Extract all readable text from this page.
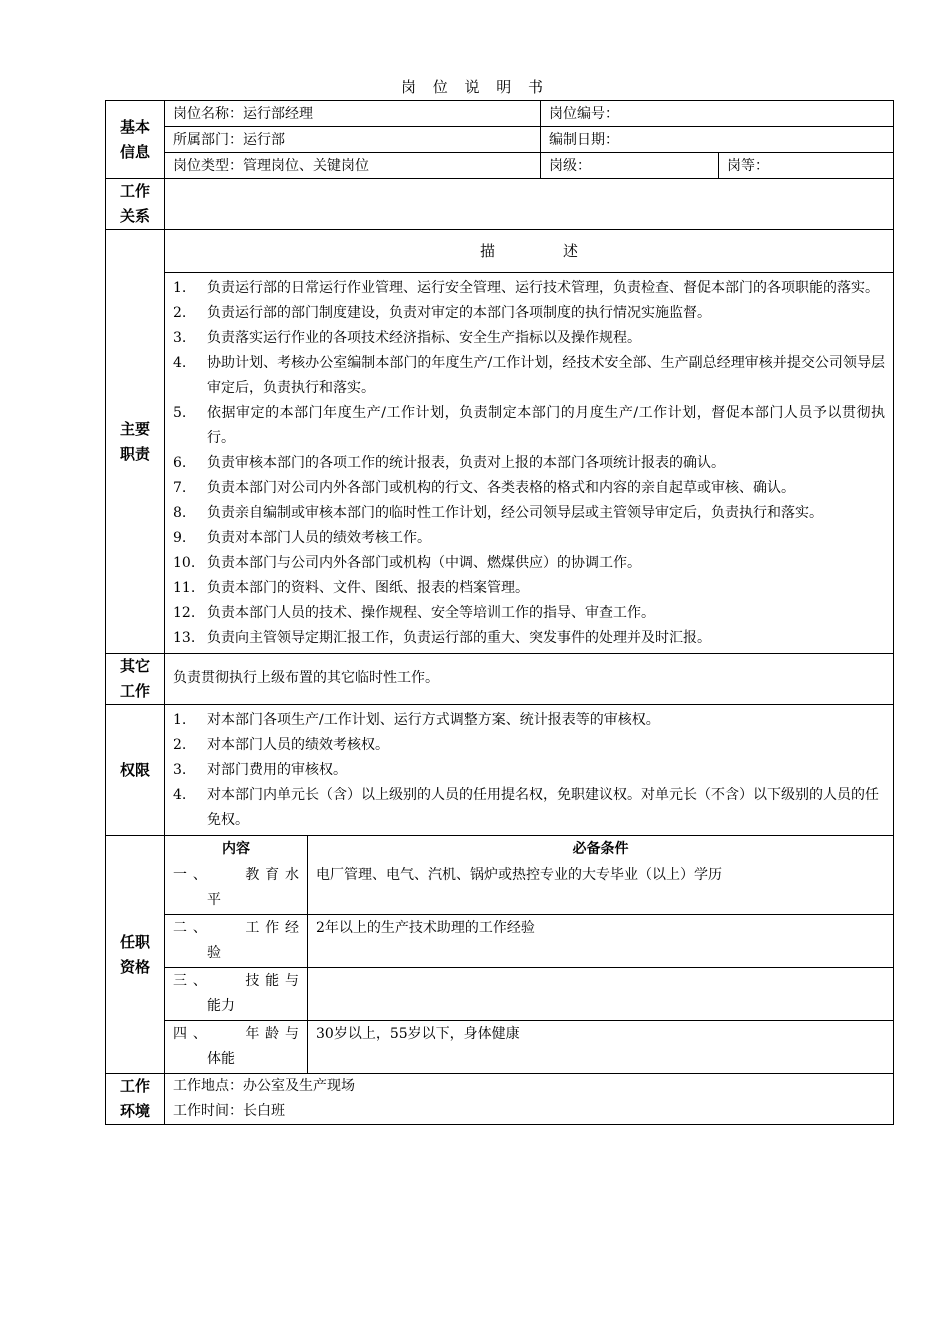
岗 位 说 明 书
基本
信息	岗位名称：运行部经理	岗位编号：
所属部门：运行部	编制日期：
岗位类型：管理岗位、关键岗位	岗级：	岗等：
工作
关系	
主要
职责	
描述
1.	负责运行部的日常运行作业管理、运行安全管理、运行技术管理，负责检查、督促本部门的各项职能的落实。
2.	负责运行部的部门制度建设，负责对审定的本部门各项制度的执行情况实施监督。
3.	负责落实运行作业的各项技术经济指标、安全生产指标以及操作规程。
4.	协助计划、考核办公室编制本部门的年度生产/工作计划，经技术安全部、生产副总经理审核并提交公司领导层审定后，负责执行和落实。
5.	依据审定的本部门年度生产/工作计划，负责制定本部门的月度生产/工作计划，督促本部门人员予以贯彻执行。
6.	负责审核本部门的各项工作的统计报表，负责对上报的本部门各项统计报表的确认。
7.	负责本部门对公司内外各部门或机构的行文、各类表格的格式和内容的亲自起草或审核、确认。
8.	负责亲自编制或审核本部门的临时性工作计划，经公司领导层或主管领导审定后，负责执行和落实。
9.	负责对本部门人员的绩效考核工作。
10. 负责本部门与公司内外各部门或机构（中调、燃煤供应）的协调工作。
11. 负责本部门的资料、文件、图纸、报表的档案管理。
12. 负责本部门人员的技术、操作规程、安全等培训工作的指导、审查工作。
13. 负责向主管领导定期汇报工作，负责运行部的重大、突发事件的处理并及时汇报。

其它
工作	
负责贯彻执行上级布置的其它临时性工作。

权限	
1.	对本部门各项生产/工作计划、运行方式调整方案、统计报表等的审核权。
2.	对本部门人员的绩效考核权。
3.	对部门费用的审核权。
4.	对本部门内单元长（含）以上级别的人员的任用提名权，免职建议权。对单元长（不含）以下级别的人员的任免权。

任职
资格	
内容	必备条件

一、　　教育水
平
	电厂管理、电气、汽机、锅炉或热控专业的大专毕业（以上）学历

二、　　工作经
验
	2年以上的生产技术助理的工作经验

三、　　技能与
能力

四、　　年龄与
体能
	30岁以上，55岁以下，身体健康

工作
环境	
工作地点：办公室及生产现场
工作时间：长白班
